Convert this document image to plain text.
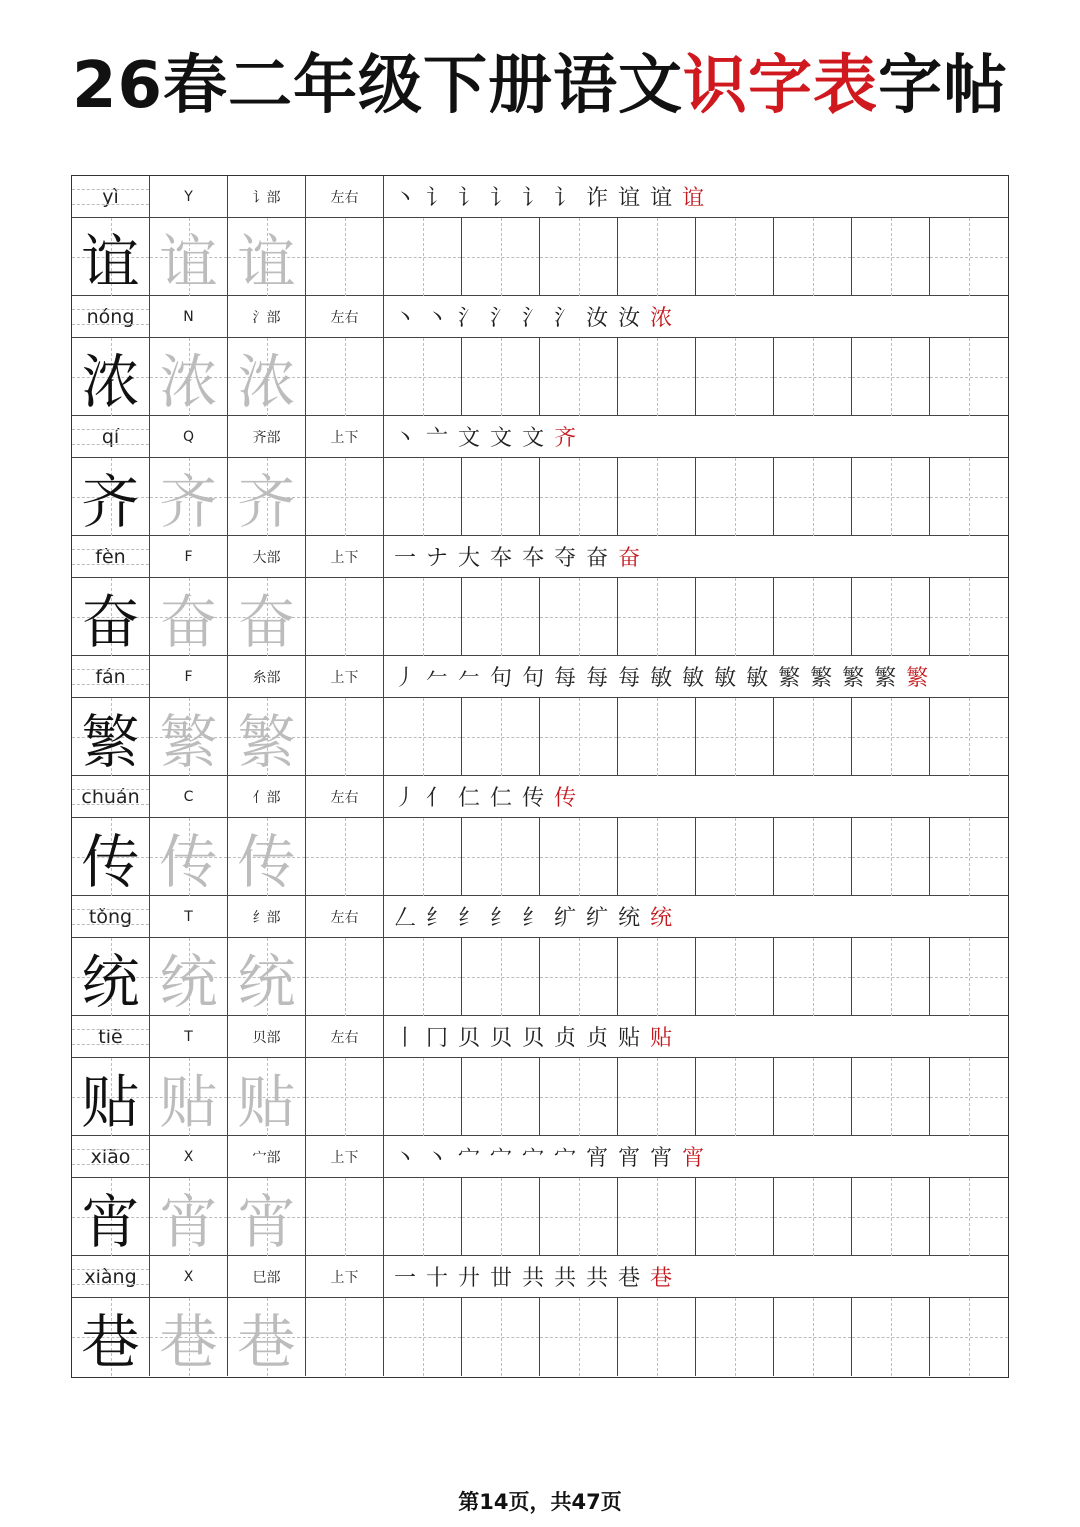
26春二年级下册语文识字表字帖
yì	Y	讠部	左右	丶 讠 讠 讠 讠 讠 诈 谊 谊 谊
谊 谊 谊
nóng	N	氵部	左右	丶 丶 氵 氵 氵 氵 汝 汝 浓
浓 浓 浓
qí	Q	齐部	上下	丶 亠 文 文 文 齐
齐 齐 齐
fèn	F	大部	上下	一 ナ 大 夲 夲 夺 奋 奋
奋 奋 奋
fán	F	糸部	上下	丿 𠂉 𠂉 句 句 每 每 每 敏 敏 敏 敏 繁 繁 繁 繁 繁
繁 繁 繁
chuán	C	亻部	左右	丿 亻 仁 仁 传 传
传 传 传
tǒng	T	纟部	左右	𠃋 纟 纟 纟 纟 纩 纩 统 统
统 统 统
tiē	T	贝部	左右	丨 冂 贝 贝 贝 贞 贞 贴 贴
贴 贴 贴
xiāo	X	宀部	上下	丶 丶 宀 宀 宀 宀 宵 宵 宵 宵
宵 宵 宵
xiàng	X	巳部	上下	一 十 廾 丗 共 共 共 巷 巷
巷 巷 巷
第14页，共47页
